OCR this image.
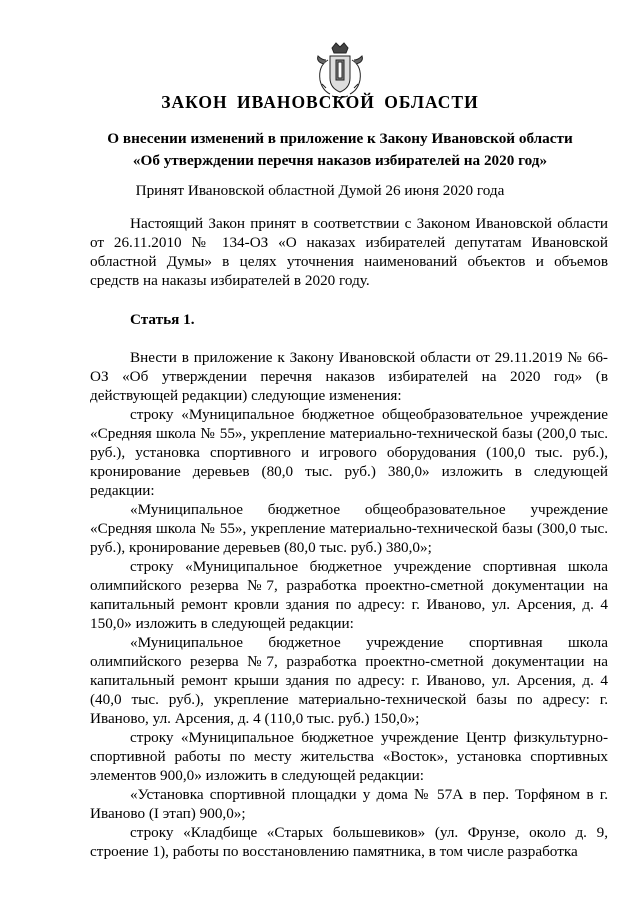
ЗАКОН ИВАНОВСКОЙ ОБЛАСТИ
О внесении изменений в приложение к Закону Ивановской области
«Об утверждении перечня наказов избирателей на 2020 год»
Принят Ивановской областной Думой 26 июня 2020 года

Настоящий Закон принят в соответствии с Законом Ивановской области от 26.11.2010 № 134-ОЗ «О наказах избирателей депутатам Ивановской областной Думы» в целях уточнения наименований объектов и объемов средств на наказы избирателей в 2020 году.

Статья 1.

Внести в приложение к Закону Ивановской области от 29.11.2019 № 66-ОЗ «Об утверждении перечня наказов избирателей на 2020 год» (в действующей редакции) следующие изменения:

строку «Муниципальное бюджетное общеобразовательное учреждение «Средняя школа № 55», укрепление материально-технической базы (200,0 тыс. руб.), установка спортивного и игрового оборудования (100,0 тыс. руб.), кронирование деревьев (80,0 тыс. руб.) 380,0» изложить в следующей редакции:

«Муниципальное бюджетное общеобразовательное учреждение «Средняя школа № 55», укрепление материально-технической базы (300,0 тыс. руб.), кронирование деревьев (80,0 тыс. руб.) 380,0»;

строку «Муниципальное бюджетное учреждение спортивная школа олимпийского резерва №7, разработка проектно-сметной документации на капитальный ремонт кровли здания по адресу: г. Иваново, ул. Арсения, д. 4 150,0» изложить в следующей редакции:

«Муниципальное бюджетное учреждение спортивная школа олимпийского резерва №7, разработка проектно-сметной документации на капитальный ремонт крыши здания по адресу: г. Иваново, ул. Арсения, д. 4 (40,0 тыс. руб.), укрепление материально-технической базы по адресу: г. Иваново, ул. Арсения, д. 4 (110,0 тыс. руб.) 150,0»;

строку «Муниципальное бюджетное учреждение Центр физкультурно-спортивной работы по месту жительства «Восток», установка спортивных элементов 900,0» изложить в следующей редакции:

«Установка спортивной площадки у дома № 57А в пер. Торфяном в г. Иваново (I этап) 900,0»;

строку «Кладбище «Старых большевиков» (ул. Фрунзе, около д. 9, строение 1), работы по восстановлению памятника, в том числе разработка
